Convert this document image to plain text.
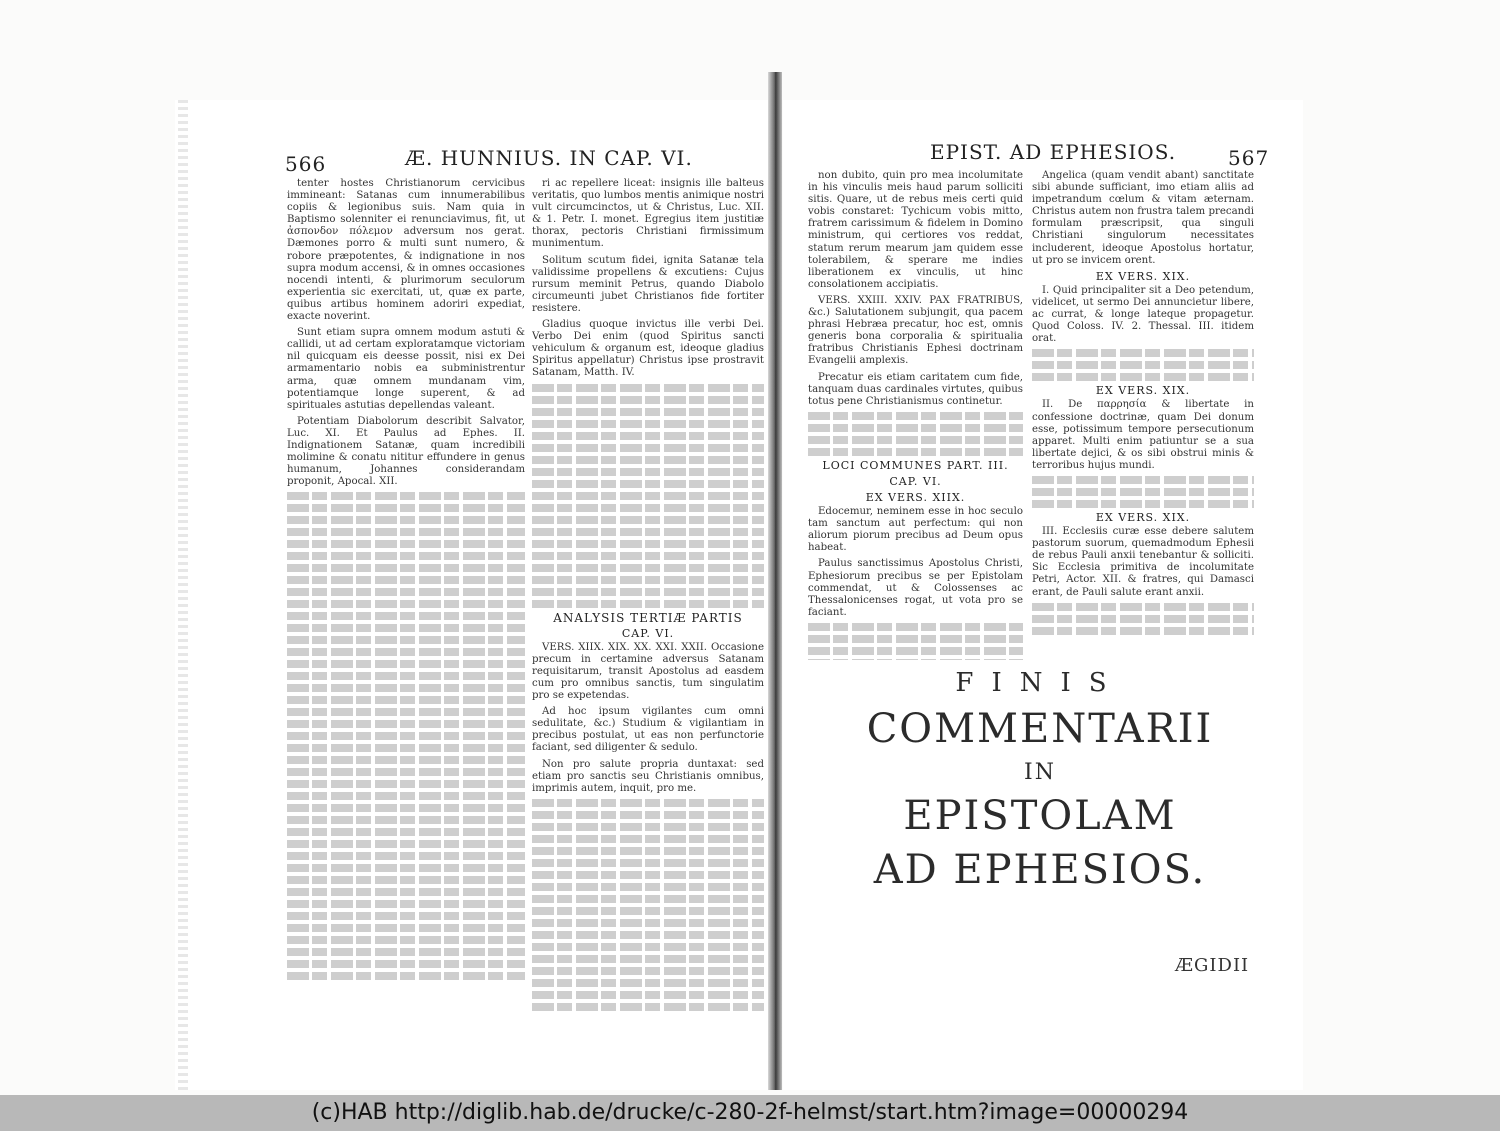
566	Æ. HUNNIUS. IN CAP. VI.

tenter hostes Christianorum cervicibus immineant: Satanas cum innumerabilibus copiis & legionibus suis. Nam quia in Baptismo solenniter ei renunciavimus, fit, ut ἀσπονδον πόλεμον adversum nos gerat. Dæmones porro & multi sunt numero, & robore præpotentes, & indignatione in nos supra modum accensi, & in omnes occasiones nocendi intenti, & plurimorum seculorum experientia sic exercitati, ut, quæ ex parte, quibus artibus hominem adoriri expediat, exacte noverint.

Sunt etiam supra omnem modum astuti & callidi, ut ad certam exploratamque victoriam nil quicquam eis deesse possit, nisi ex Dei armamentario nobis ea subministrentur arma, quæ omnem mundanam vim, potentiamque longe superent, & ad spirituales astutias depellendas valeant.

Potentiam Diabolorum describit Salvator, Luc. XI. Et Paulus ad Ephes. II. Indignationem Satanæ, quam incredibili molimine & conatu nititur effundere in genus humanum, Johannes considerandam proponit, Apocal. XII.

ri ac repellere liceat: insignis ille balteus veritatis, quo lumbos mentis animique nostri vult circumcinctos, ut & Christus, Luc. XII. & 1. Petr. I. monet. Egregius item justitiæ thorax, pectoris Christiani firmissimum munimentum.

Solitum scutum fidei, ignita Satanæ tela validissime propellens & excutiens: Cujus rursum meminit Petrus, quando Diabolo circumeunti jubet Christianos fide fortiter resistere.

Gladius quoque invictus ille verbi Dei. Verbo Dei enim (quod Spiritus sancti vehiculum & organum est, ideoque gladius Spiritus appellatur) Christus ipse prostravit Satanam, Matth. IV.

ANALYSIS TERTIÆ PARTIS
CAP. VI.

VERS. XIIX. XIX. XX. XXI. XXII. Occasione precum in certamine adversus Satanam requisitarum, transit Apostolus ad easdem cum pro omnibus sanctis, tum singulatim pro se expetendas.

Ad hoc ipsum vigilantes cum omni sedulitate, &c.) Studium & vigilantiam in precibus postulat, ut eas non perfunctorie faciant, sed diligenter & sedulo.

Non pro salute propria duntaxat: sed etiam pro sanctis seu Christianis omnibus, imprimis autem, inquit, pro me.

EPIST. AD EPHESIOS.	567

non dubito, quin pro mea incolumitate in his vinculis meis haud parum solliciti sitis. Quare, ut de rebus meis certi quid vobis constaret: Tychicum vobis mitto, fratrem carissimum & fidelem in Domino ministrum, qui certiores vos reddat, statum rerum mearum jam quidem esse tolerabilem, & sperare me indies liberationem ex vinculis, ut hinc consolationem accipiatis.

VERS. XXIII. XXIV. PAX FRATRIBUS, &c.) Salutationem subjungit, qua pacem phrasi Hebræa precatur, hoc est, omnis generis bona corporalia & spiritualia fratribus Christianis Ephesi doctrinam Evangelii amplexis.

Precatur eis etiam caritatem cum fide, tanquam duas cardinales virtutes, quibus totus pene Christianismus continetur.

LOCI COMMUNES PART. III.
CAP. VI.
EX VERS. XIIX.

Edocemur, neminem esse in hoc seculo tam sanctum aut perfectum: qui non aliorum piorum precibus ad Deum opus habeat.

Paulus sanctissimus Apostolus Christi, Ephesiorum precibus se per Epistolam commendat, ut & Colossenses ac Thessalonicenses rogat, ut vota pro se faciant.

Angelica (quam vendit abant) sanctitate sibi abunde sufficiant, imo etiam aliis ad impetrandum cœlum & vitam æternam. Christus autem non frustra talem precandi formulam præscripsit, qua singuli Christiani singulorum necessitates includerent, ideoque Apostolus hortatur, ut pro se invicem orent.

EX VERS. XIX.

I. Quid principaliter sit a Deo petendum, videlicet, ut sermo Dei annuncietur libere, ac currat, & longe lateque propagetur. Quod Coloss. IV. 2. Thessal. III. itidem orat.

EX VERS. XIX.

II. De παρρησία & libertate in confessione doctrinæ, quam Dei donum esse, potissimum tempore persecutionum apparet. Multi enim patiuntur se a sua libertate dejici, & os sibi obstrui minis & terroribus hujus mundi.

EX VERS. XIX.

III. Ecclesiis curæ esse debere salutem pastorum suorum, quemadmodum Ephesii de rebus Pauli anxii tenebantur & solliciti. Sic Ecclesia primitiva de incolumitate Petri, Actor. XII. & fratres, qui Damasci erant, de Pauli salute erant anxii.

FINIS

COMMENTARII

IN

EPISTOLAM

AD EPHESIOS.

ÆGIDII
(c)HAB http://diglib.hab.de/drucke/c-280-2f-helmst/start.htm?image=00000294
